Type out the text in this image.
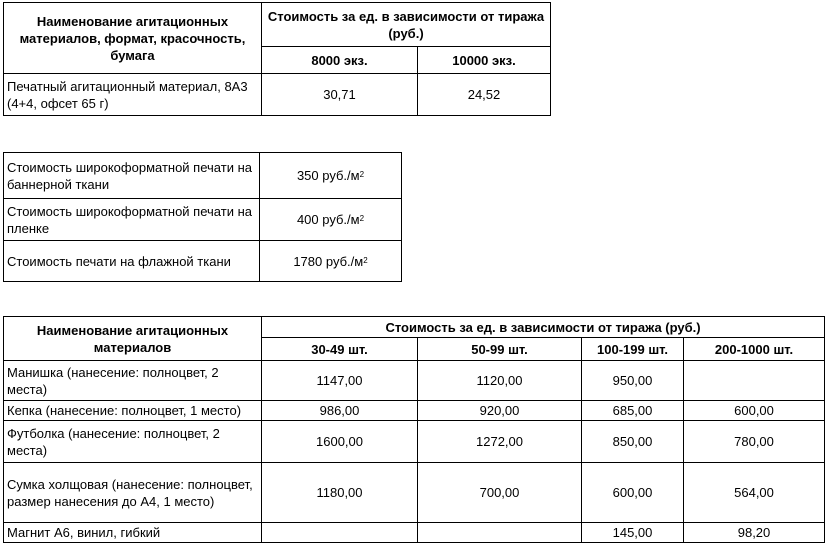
Наименование агитационных материалов, формат, красочность, бумага	Стоимость за ед. в зависимости от тиража (руб.)	
	8000 экз.	10000 экз.
Печатный агитационный материал, 8А3 (4+4, офсет 65 г)	30,71	24,52
Стоимость широкоформатной печати на баннерной ткани	350 $руб./м^2$
Стоимость широкоформатной печати на пленке	400 $руб./м^2$
Стоимость печати на флажной ткани	1780 $руб./м^2$
Наименование агитационных материалов	Стоимость за ед. в зависимости от тиража (руб.)			
	30-49 шт.	50-99 шт.	100-199 шт.	200-1000 шт.
Манишка (нанесение: полноцвет, 2 места)	1147,00	1120,00	950,00	
Кепка (нанесение: полноцвет, 1 место)	986,00	920,00	685,00	600,00
Футболка (нанесение: полноцвет, 2 места)	1600,00	1272,00	850,00	780,00
Сумка холщовая (нанесение: полноцвет, размер нанесения до А4, 1 место)	1180,00	700,00	600,00	564,00
Магнит А6, винил, гибкий			145,00	98,20
